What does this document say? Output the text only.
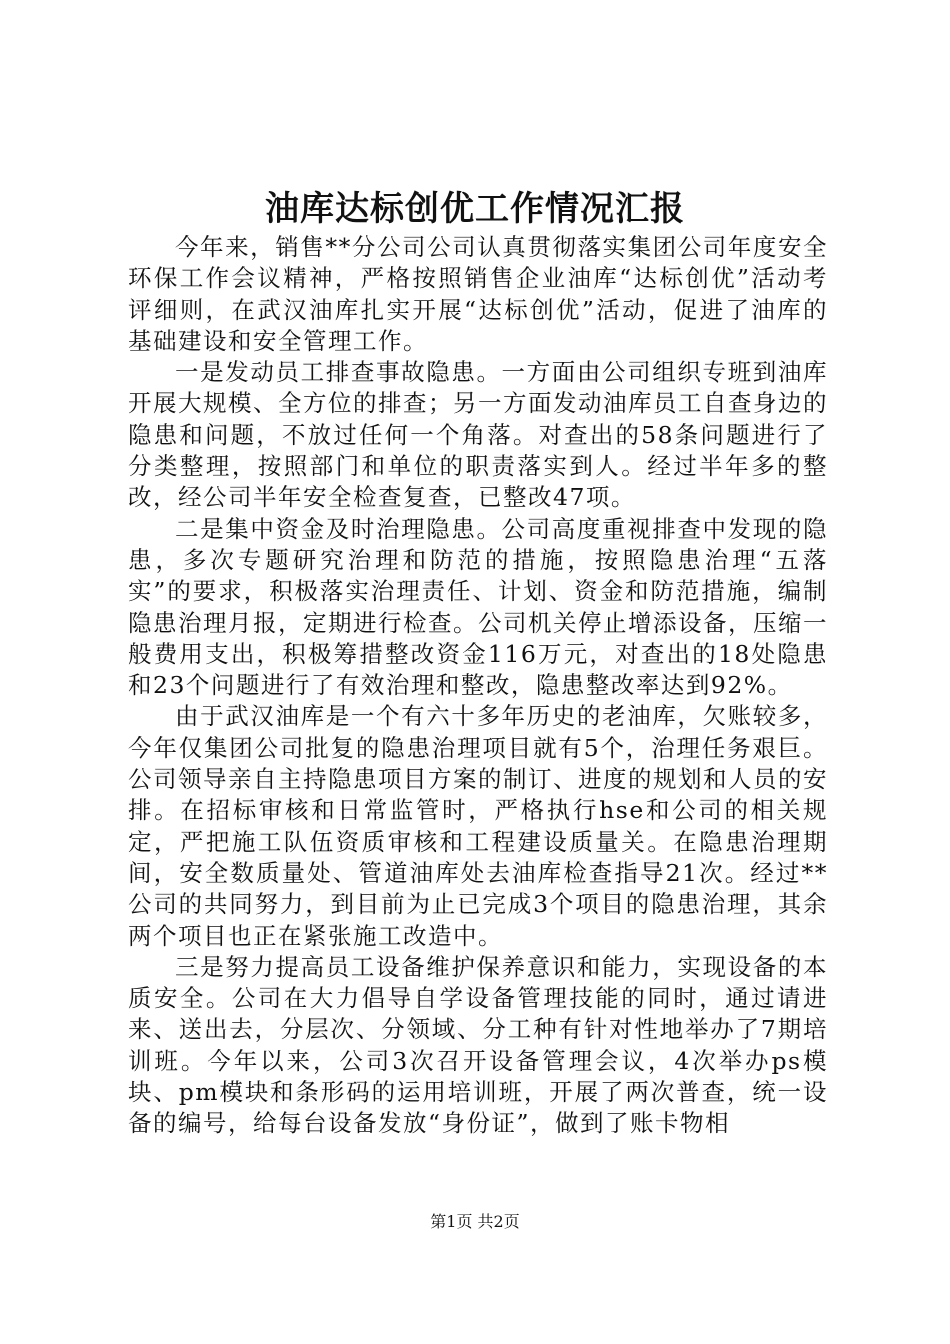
油库达标创优工作情况汇报

今年来，销售**分公司公司认真贯彻落实集团公司年度安全环保工作会议精神，严格按照销售企业油库“达标创优”活动考评细则，在武汉油库扎实开展“达标创优”活动，促进了油库的基础建设和安全管理工作。

一是发动员工排查事故隐患。一方面由公司组织专班到油库开展大规模、全方位的排查；另一方面发动油库员工自查身边的隐患和问题，不放过任何一个角落。对查出的58条问题进行了分类整理，按照部门和单位的职责落实到人。经过半年多的整改，经公司半年安全检查复查，已整改47项。

二是集中资金及时治理隐患。公司高度重视排查中发现的隐患，多次专题研究治理和防范的措施，按照隐患治理“五落实”的要求，积极落实治理责任、计划、资金和防范措施，编制隐患治理月报，定期进行检查。公司机关停止增添设备，压缩一般费用支出，积极筹措整改资金116万元，对查出的18处隐患和23个问题进行了有效治理和整改，隐患整改率达到92%。

由于武汉油库是一个有六十多年历史的老油库，欠账较多，今年仅集团公司批复的隐患治理项目就有5个，治理任务艰巨。公司领导亲自主持隐患项目方案的制订、进度的规划和人员的安排。在招标审核和日常监管时，严格执行hse和公司的相关规定，严把施工队伍资质审核和工程建设质量关。在隐患治理期间，安全数质量处、管道油库处去油库检查指导21次。经过**公司的共同努力，到目前为止已完成3个项目的隐患治理，其余两个项目也正在紧张施工改造中。

三是努力提高员工设备维护保养意识和能力，实现设备的本质安全。公司在大力倡导自学设备管理技能的同时，通过请进来、送出去，分层次、分领域、分工种有针对性地举办了7期培训班。今年以来，公司3次召开设备管理会议，4次举办ps模块、pm模块和条形码的运用培训班，开展了两次普查，统一设备的编号，给每台设备发放“身份证”，做到了账卡物相

第1页 共2页
